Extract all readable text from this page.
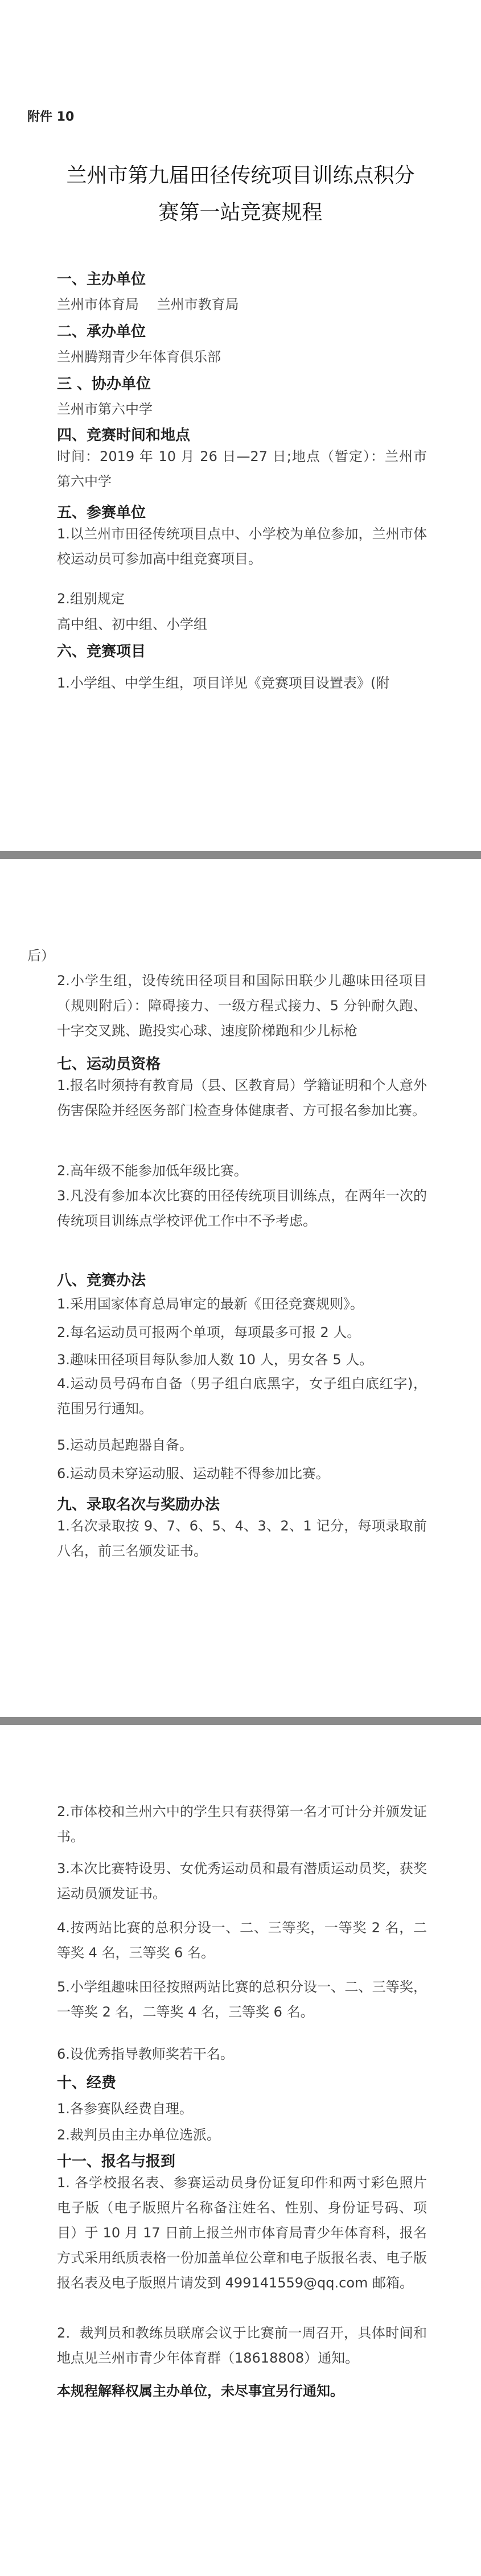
附件 10
兰州市第九届田径传统项目训练点积分
赛第一站竞赛规程
一、主办单位
兰州市体育局　 兰州市教育局
二、承办单位
兰州腾翔青少年体育俱乐部
三 、协办单位
兰州市第六中学
四、竞赛时间和地点
时间：2019 年 10 月 26 日—27 日;地点（暂定）：兰州市第六中学
五、参赛单位
1.以兰州市田径传统项目点中、小学校为单位参加，兰州市体校运动员可参加高中组竞赛项目。
2.组别规定
高中组、初中组、小学组
六、竞赛项目
1.小学组、中学生组，项目详见《竞赛项目设置表》(附
后）
2.小学生组，设传统田径项目和国际田联少儿趣味田径项目（规则附后）：障碍接力、一级方程式接力、5 分钟耐久跑、十字交叉跳、跪投实心球、速度阶梯跑和少儿标枪
七、运动员资格
1.报名时须持有教育局（县、区教育局）学籍证明和个人意外伤害保险并经医务部门检查身体健康者、方可报名参加比赛。
2.高年级不能参加低年级比赛。
3.凡没有参加本次比赛的田径传统项目训练点，在两年一次的传统项目训练点学校评优工作中不予考虑。
八、竞赛办法
1.采用国家体育总局审定的最新《田径竞赛规则》。
2.每名运动员可报两个单项，每项最多可报 2 人。
3.趣味田径项目每队参加人数 10 人，男女各 5 人。
4.运动员号码布自备（男子组白底黑字，女子组白底红字)，范围另行通知。
5.运动员起跑器自备。
6.运动员未穿运动服、运动鞋不得参加比赛。
九、录取名次与奖励办法
1.名次录取按 9、7、6、5、4、3、2、1 记分，每项录取前八名，前三名颁发证书。
2.市体校和兰州六中的学生只有获得第一名才可计分并颁发证书。
3.本次比赛特设男、女优秀运动员和最有潜质运动员奖，获奖运动员颁发证书。
4.按两站比赛的总积分设一、二、三等奖，一等奖 2 名，二等奖 4 名，三等奖 6 名。
5.小学组趣味田径按照两站比赛的总积分设一、二、三等奖，一等奖 2 名，二等奖 4 名，三等奖 6 名。
6.设优秀指导教师奖若干名。
十、经费
1.各参赛队经费自理。
2.裁判员由主办单位选派。
十一、报名与报到
1. 各学校报名表、参赛运动员身份证复印件和两寸彩色照片电子版（电子版照片名称备注姓名、性别、身份证号码、项目）于 10 月 17 日前上报兰州市体育局青少年体育科，报名方式采用纸质表格一份加盖单位公章和电子版报名表、电子版报名表及电子版照片请发到 499141559@qq.com 邮箱。
2．裁判员和教练员联席会议于比赛前一周召开，具体时间和地点见兰州市青少年体育群（18618808）通知。
本规程解释权属主办单位，未尽事宜另行通知。
